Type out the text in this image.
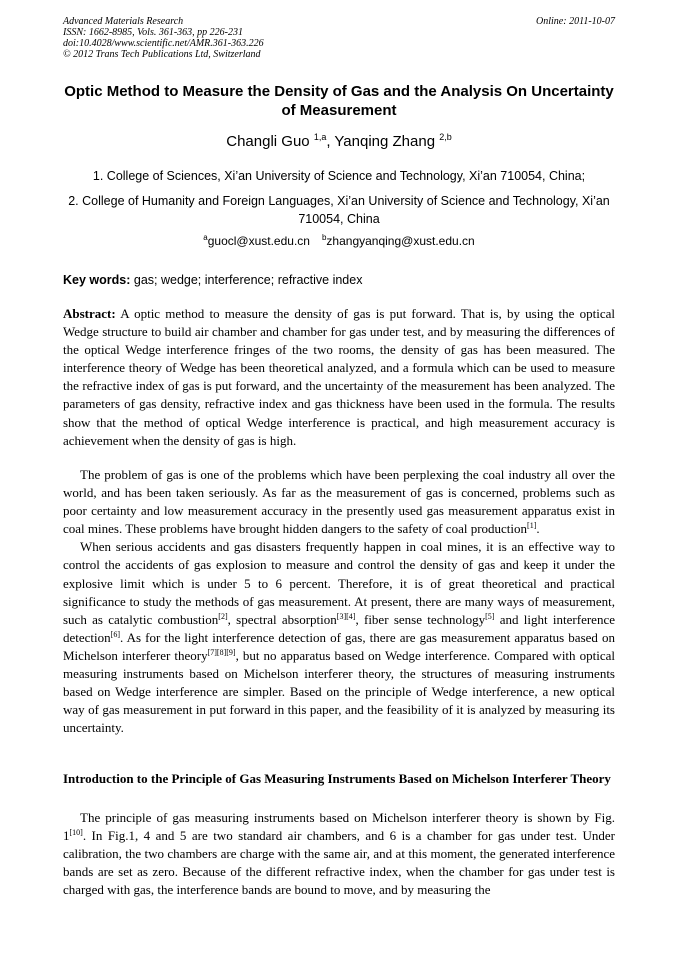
Advanced Materials Research
ISSN: 1662-8985, Vols. 361-363, pp 226-231
doi:10.4028/www.scientific.net/AMR.361-363.226
© 2012 Trans Tech Publications Ltd, Switzerland
Online: 2011-10-07
Optic Method to Measure the Density of Gas and the Analysis On Uncertainty of Measurement
Changli Guo $^{1,a}$, Yanqing Zhang $^{2,b}$
1. College of Sciences, Xi’an University of Science and Technology, Xi’an 710054, China;
2. College of Humanity and Foreign Languages, Xi’an University of Science and Technology, Xi’an 710054, China
$^a$guocl@xust.edu.cn $^b$zhangyanqing@xust.edu.cn
Key words: gas; wedge; interference; refractive index

Abstract: A optic method to measure the density of gas is put forward. That is, by using the optical Wedge structure to build air chamber and chamber for gas under test, and by measuring the differences of the optical Wedge interference fringes of the two rooms, the density of gas has been measured. The interference theory of Wedge has been theoretical analyzed, and a formula which can be used to measure the refractive index of gas is put forward, and the uncertainty of the measurement has been analyzed. The parameters of gas density, refractive index and gas thickness have been used in the formula. The results show that the method of optical Wedge interference is practical, and high measurement accuracy is achievement when the density of gas is high.

The problem of gas is one of the problems which have been perplexing the coal industry all over the world, and has been taken seriously. As far as the measurement of gas is concerned, problems such as poor certainty and low measurement accuracy in the presently used gas measurement apparatus exist in coal mines. These problems have brought hidden dangers to the safety of coal production[1].

When serious accidents and gas disasters frequently happen in coal mines, it is an effective way to control the accidents of gas explosion to measure and control the density of gas and keep it under the explosive limit which is under 5 to 6 percent. Therefore, it is of great theoretical and practical significance to study the methods of gas measurement. At present, there are many ways of measurement, such as catalytic combustion[2], spectral absorption[3][4], fiber sense technology[5] and light interference detection[6]. As for the light interference detection of gas, there are gas measurement apparatus based on Michelson interferer theory[7][8][9], but no apparatus based on Wedge interference. Compared with optical measuring instruments based on Michelson interferer theory, the structures of measuring instruments based on Wedge interference are simpler. Based on the principle of Wedge interference, a new optical way of gas measurement in put forward in this paper, and the feasibility of it is analyzed by measuring its uncertainty.

Introduction to the Principle of Gas Measuring Instruments Based on Michelson Interferer Theory

The principle of gas measuring instruments based on Michelson interferer theory is shown by Fig. 1[10]. In Fig.1, 4 and 5 are two standard air chambers, and 6 is a chamber for gas under test. Under calibration, the two chambers are charge with the same air, and at this moment, the generated interference bands are set as zero. Because of the different refractive index, when the chamber for gas under test is charged with gas, the interference bands are bound to move, and by measuring the
